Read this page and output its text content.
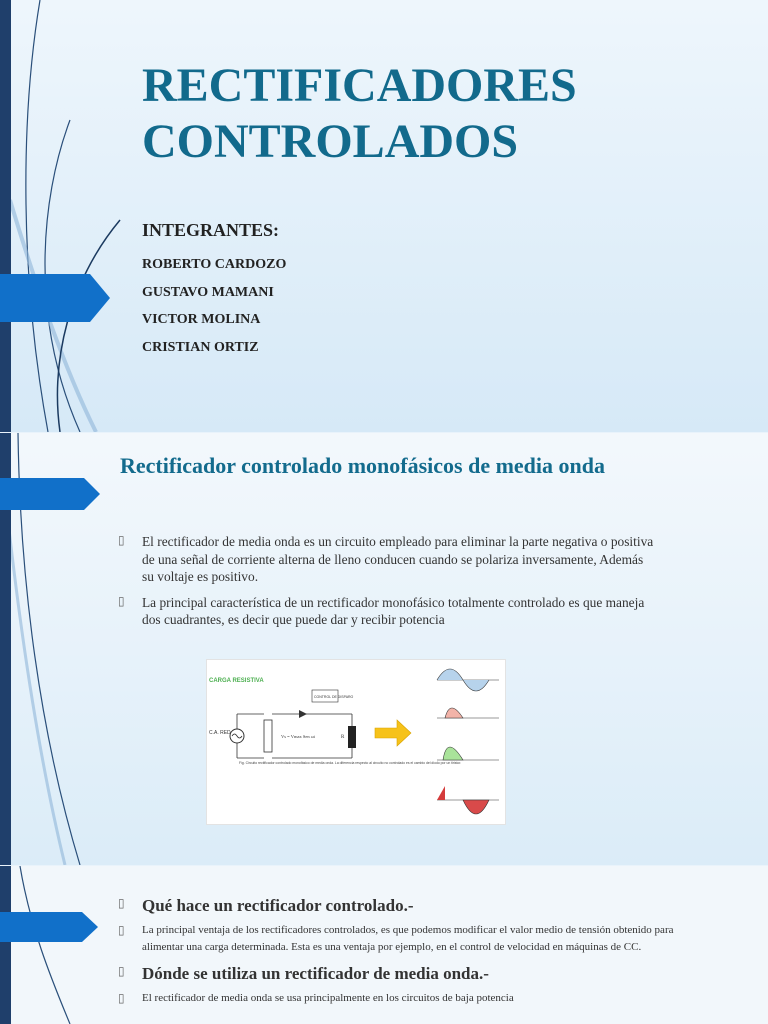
RECTIFICADORES
CONTROLADOS
INTEGRANTES:
ROBERTO CARDOZO
GUSTAVO MAMANI
VICTOR MOLINA
CRISTIAN ORTIZ
Rectificador controlado monofásicos de media onda
▯ El rectificador de media onda es un circuito empleado para eliminar la parte negativa o positiva de una señal de corriente alterna de lleno conducen cuando se polariza inversamente, Además su voltaje es positivo.
▯ La principal característica de un rectificador monofásico totalmente controlado es que maneja dos cuadrantes, es decir que puede dar y recibir potencia
CARGA RESISTIVA
C.A. RED
CONTROL DE DISPARO
R
Vs = Vmax Sen ωt
Fig. Circuito rectificador controlado monofásico de media onda. La diferencia respecto al circuito no controlado es el cambio del diodo por un tiristor.
▯ Qué hace un rectificador controlado.-
▯ La principal ventaja de los rectificadores controlados, es que podemos modificar el valor medio de tensión obtenido para alimentar una carga determinada. Esta es una ventaja por ejemplo, en el control de velocidad en máquinas de CC.
▯ Dónde se utiliza un rectificador de media onda.-
▯ El rectificador de media onda se usa principalmente en los circuitos de baja potencia
